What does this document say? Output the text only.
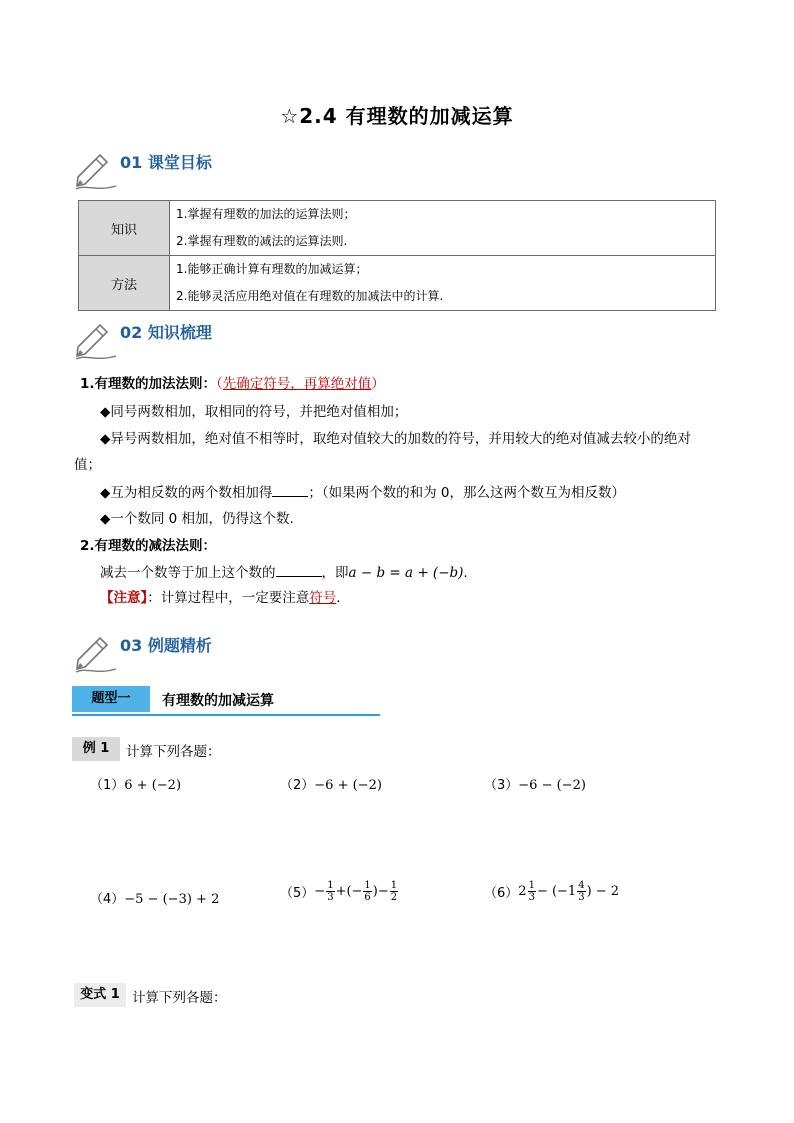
☆2.4 有理数的加减运算
01 课堂目标
知识	1.掌握有理数的加法的运算法则；
2.掌握有理数的减法的运算法则.

方法	1.能够正确计算有理数的加减运算；
2.能够灵活应用绝对值在有理数的加减法中的计算.
02 知识梳理
1.有理数的加法法则：（先确定符号，再算绝对值）
◆同号两数相加，取相同的符号，并把绝对值相加；
◆异号两数相加，绝对值不相等时，取绝对值较大的加数的符号，并用较大的绝对值减去较小的绝对
值；
◆互为相反数的两个数相加得	；（如果两个数的和为 0，那么这两个数互为相反数）
◆一个数同 0 相加，仍得这个数.
2.有理数的减法法则：
减去一个数等于加上这个数的	，即a − b = a + (−b).
【注意】：计算过程中，一定要注意符号.
03 例题精析
题型一	有理数的加减运算
例 1	计算下列各题：
（1）6 + (−2)	（2）−6 + (−2)	（3）−6 − (−2)
（4）−5 − (−3) + 2	$(5) - \frac{1}{3}$ +(− $\frac{1}{6}$ )− $\frac{1}{2}$	（6） $2 \frac{1}{3} - (-1 \frac{4}{3}$ ) − 2
变式 1 计算下列各题：
